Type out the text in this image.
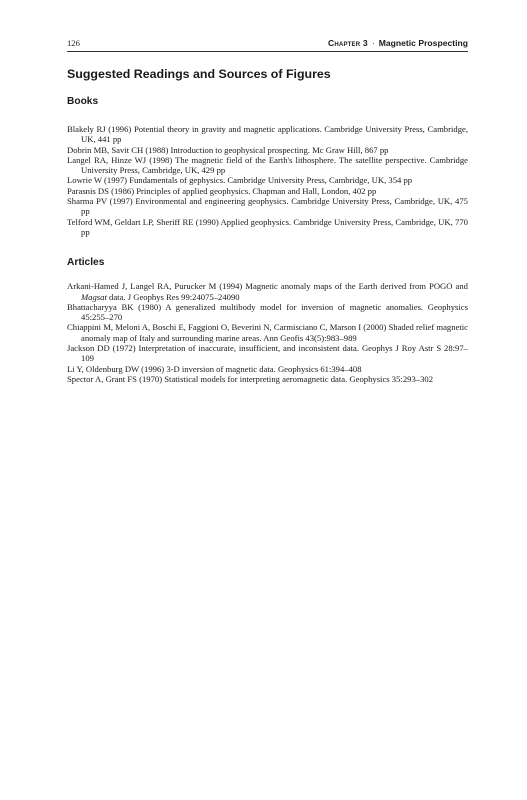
126	Chapter 3 · Magnetic Prospecting
Suggested Readings and Sources of Figures
Books
Blakely RJ (1996) Potential theory in gravity and magnetic applications. Cambridge University Press, Cambridge, UK, 441 pp
Dobrin MB, Savit CH (1988) Introduction to geophysical prospecting. Mc Graw Hill, 867 pp
Langel RA, Hinze WJ (1998) The magnetic field of the Earth's lithosphere. The satellite perspective. Cambridge University Press, Cambridge, UK, 429 pp
Lowrie W (1997) Fundamentals of gephysics. Cambridge University Press, Cambridge, UK, 354 pp
Parasnis DS (1986) Principles of applied geophysics. Chapman and Hall, London, 402 pp
Sharma PV (1997) Environmental and engineering geophysics. Cambridge University Press, Cambridge, UK, 475 pp
Telford WM, Geldart LP, Sheriff RE (1990) Applied geophysics. Cambridge University Press, Cambridge, UK, 770 pp
Articles
Arkani-Hamed J, Langel RA, Purucker M (1994) Magnetic anomaly maps of the Earth derived from POGO and Magsat data. J Geophys Res 99:24075–24090
Bhattacharyya BK (1980) A generalized multibody model for inversion of magnetic anomalies. Geophysics 45:255–270
Chiappini M, Meloni A, Boschi E, Faggioni O, Beverini N, Carmisciano C, Marson I (2000) Shaded relief magnetic anomaly map of Italy and surrounding marine areas. Ann Geofis 43(5):983–989
Jackson DD (1972) Interpretation of inaccurate, insufficient, and inconsistent data. Geophys J Roy Astr S 28:97–109
Li Y, Oldenburg DW (1996) 3-D inversion of magnetic data. Geophysics 61:394–408
Spector A, Grant FS (1970) Statistical models for interpreting aeromagnetic data. Geophysics 35:293–302
